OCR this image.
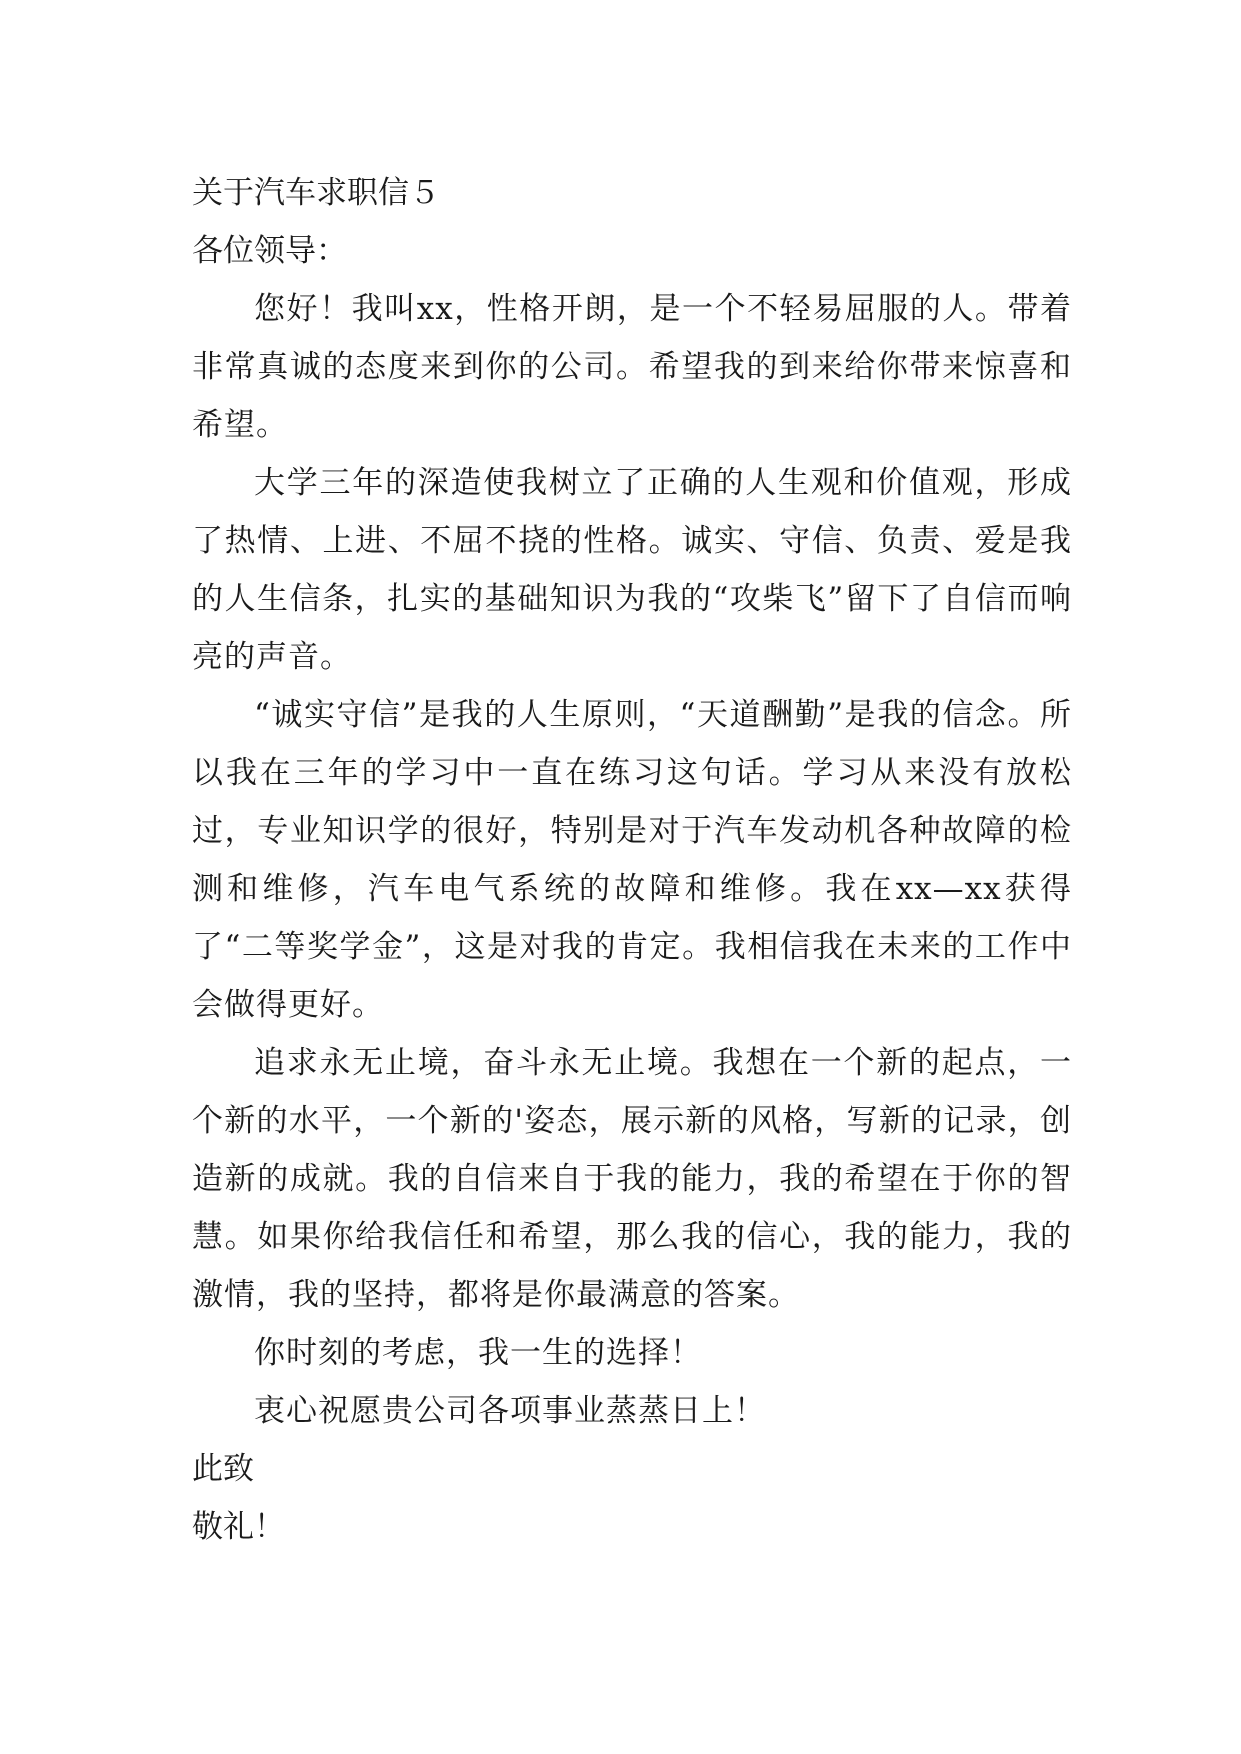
关于汽车求职信５

各位领导：

您好！我叫xx，性格开朗，是一个不轻易屈服的人。带着非常真诚的态度来到你的公司。希望我的到来给你带来惊喜和希望。

大学三年的深造使我树立了正确的人生观和价值观，形成了热情、上进、不屈不挠的性格。诚实、守信、负责、爱是我的人生信条，扎实的基础知识为我的“攻柴飞”留下了自信而响亮的声音。

“诚实守信”是我的人生原则，“天道酬勤”是我的信念。所以我在三年的学习中一直在练习这句话。学习从来没有放松过，专业知识学的很好，特别是对于汽车发动机各种故障的检测和维修，汽车电气系统的故障和维修。我在xx—xx获得了“二等奖学金”，这是对我的肯定。我相信我在未来的工作中会做得更好。

追求永无止境，奋斗永无止境。我想在一个新的起点，一个新的水平，一个新的'姿态，展示新的风格，写新的记录，创造新的成就。我的自信来自于我的能力，我的希望在于你的智慧。如果你给我信任和希望，那么我的信心，我的能力，我的激情，我的坚持，都将是你最满意的答案。

你时刻的考虑，我一生的选择！

衷心祝愿贵公司各项事业蒸蒸日上！

此致

敬礼！
